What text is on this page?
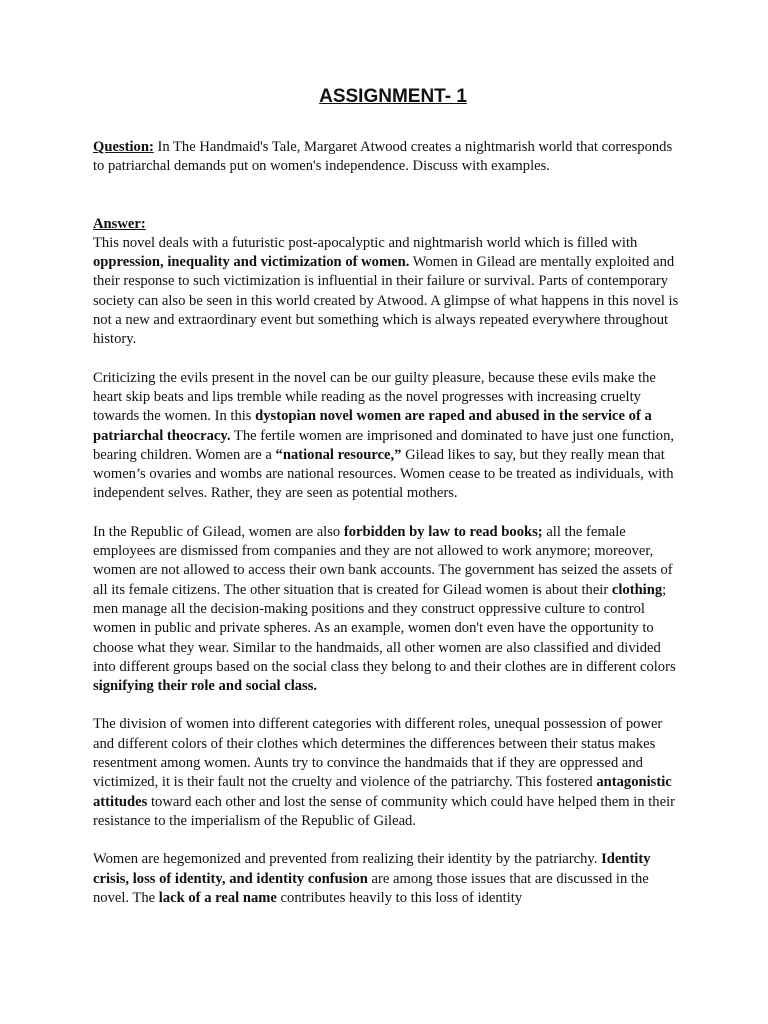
ASSIGNMENT- 1

Question: In The Handmaid's Tale, Margaret Atwood creates a nightmarish world that corresponds to patriarchal demands put on women's independence. Discuss with examples.

Answer:

This novel deals with a futuristic post-apocalyptic and nightmarish world which is filled with oppression, inequality and victimization of women. Women in Gilead are mentally exploited and their response to such victimization is influential in their failure or survival. Parts of contemporary society can also be seen in this world created by Atwood. A glimpse of what happens in this novel is not a new and extraordinary event but something which is always repeated everywhere throughout history.

Criticizing the evils present in the novel can be our guilty pleasure, because these evils make the heart skip beats and lips tremble while reading as the novel progresses with increasing cruelty towards the women. In this dystopian novel women are raped and abused in the service of a patriarchal theocracy. The fertile women are imprisoned and dominated to have just one function, bearing children. Women are a “national resource,” Gilead likes to say, but they really mean that women’s ovaries and wombs are national resources. Women cease to be treated as individuals, with independent selves. Rather, they are seen as potential mothers.

In the Republic of Gilead, women are also forbidden by law to read books; all the female employees are dismissed from companies and they are not allowed to work anymore; moreover, women are not allowed to access their own bank accounts. The government has seized the assets of all its female citizens. The other situation that is created for Gilead women is about their clothing; men manage all the decision-making positions and they construct oppressive culture to control women in public and private spheres. As an example, women don't even have the opportunity to choose what they wear. Similar to the handmaids, all other women are also classified and divided into different groups based on the social class they belong to and their clothes are in different colors signifying their role and social class.

The division of women into different categories with different roles, unequal possession of power and different colors of their clothes which determines the differences between their status makes resentment among women. Aunts try to convince the handmaids that if they are oppressed and victimized, it is their fault not the cruelty and violence of the patriarchy. This fostered antagonistic attitudes toward each other and lost the sense of community which could have helped them in their resistance to the imperialism of the Republic of Gilead.

Women are hegemonized and prevented from realizing their identity by the patriarchy. Identity crisis, loss of identity, and identity confusion are among those issues that are discussed in the novel. The lack of a real name contributes heavily to this loss of identity
